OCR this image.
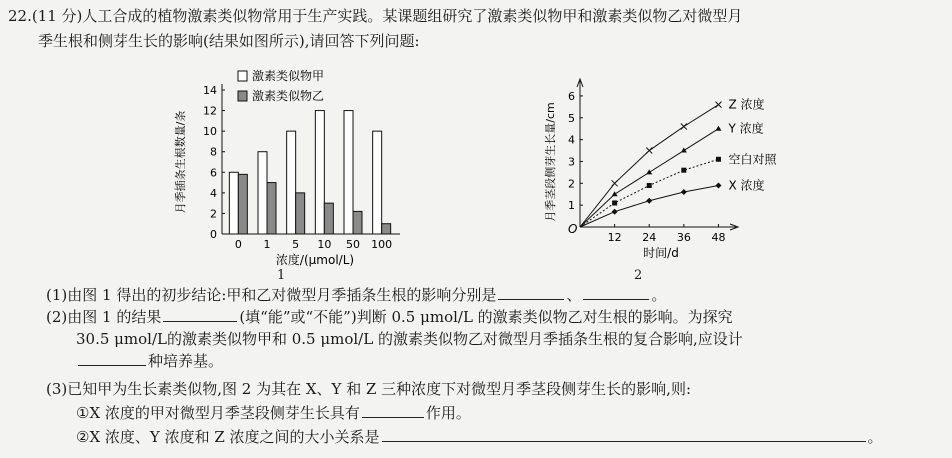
22.(11 分)人工合成的植物激素类似物常用于生产实践。某课题组研究了激素类似物甲和激素类似物乙对微型月
季生根和侧芽生长的影响(结果如图所示),请回答下列问题:
0
2
4
6
8
10
12
14
月季插条生根数量/条
0 1 5 10 50 100
浓度/(μmol/L)
激素类似物甲
激素类似物乙
1
O
1
2
3
4
5
6
12 24 36 48
月季茎段侧芽生长量/cm
时间/d
Z 浓度
Y 浓度
空白对照
X 浓度
2
(1)由图 1 得出的初步结论:甲和乙对微型月季插条生根的影响分别是	、	。
(2)由图 1 的结果	(填“能”或“不能”)判断 0.5 μmol/L 的激素类似物乙对生根的影响。为探究
30.5 μmol/L的激素类似物甲和 0.5 μmol/L 的激素类似物乙对微型月季插条生根的复合影响,应设计
种培养基。
(3)已知甲为生长素类似物,图 2 为其在 X、Y 和 Z 三种浓度下对微型月季茎段侧芽生长的影响,则:
①X 浓度的甲对微型月季茎段侧芽生长具有	作用。
②X 浓度、Y 浓度和 Z 浓度之间的大小关系是	。
